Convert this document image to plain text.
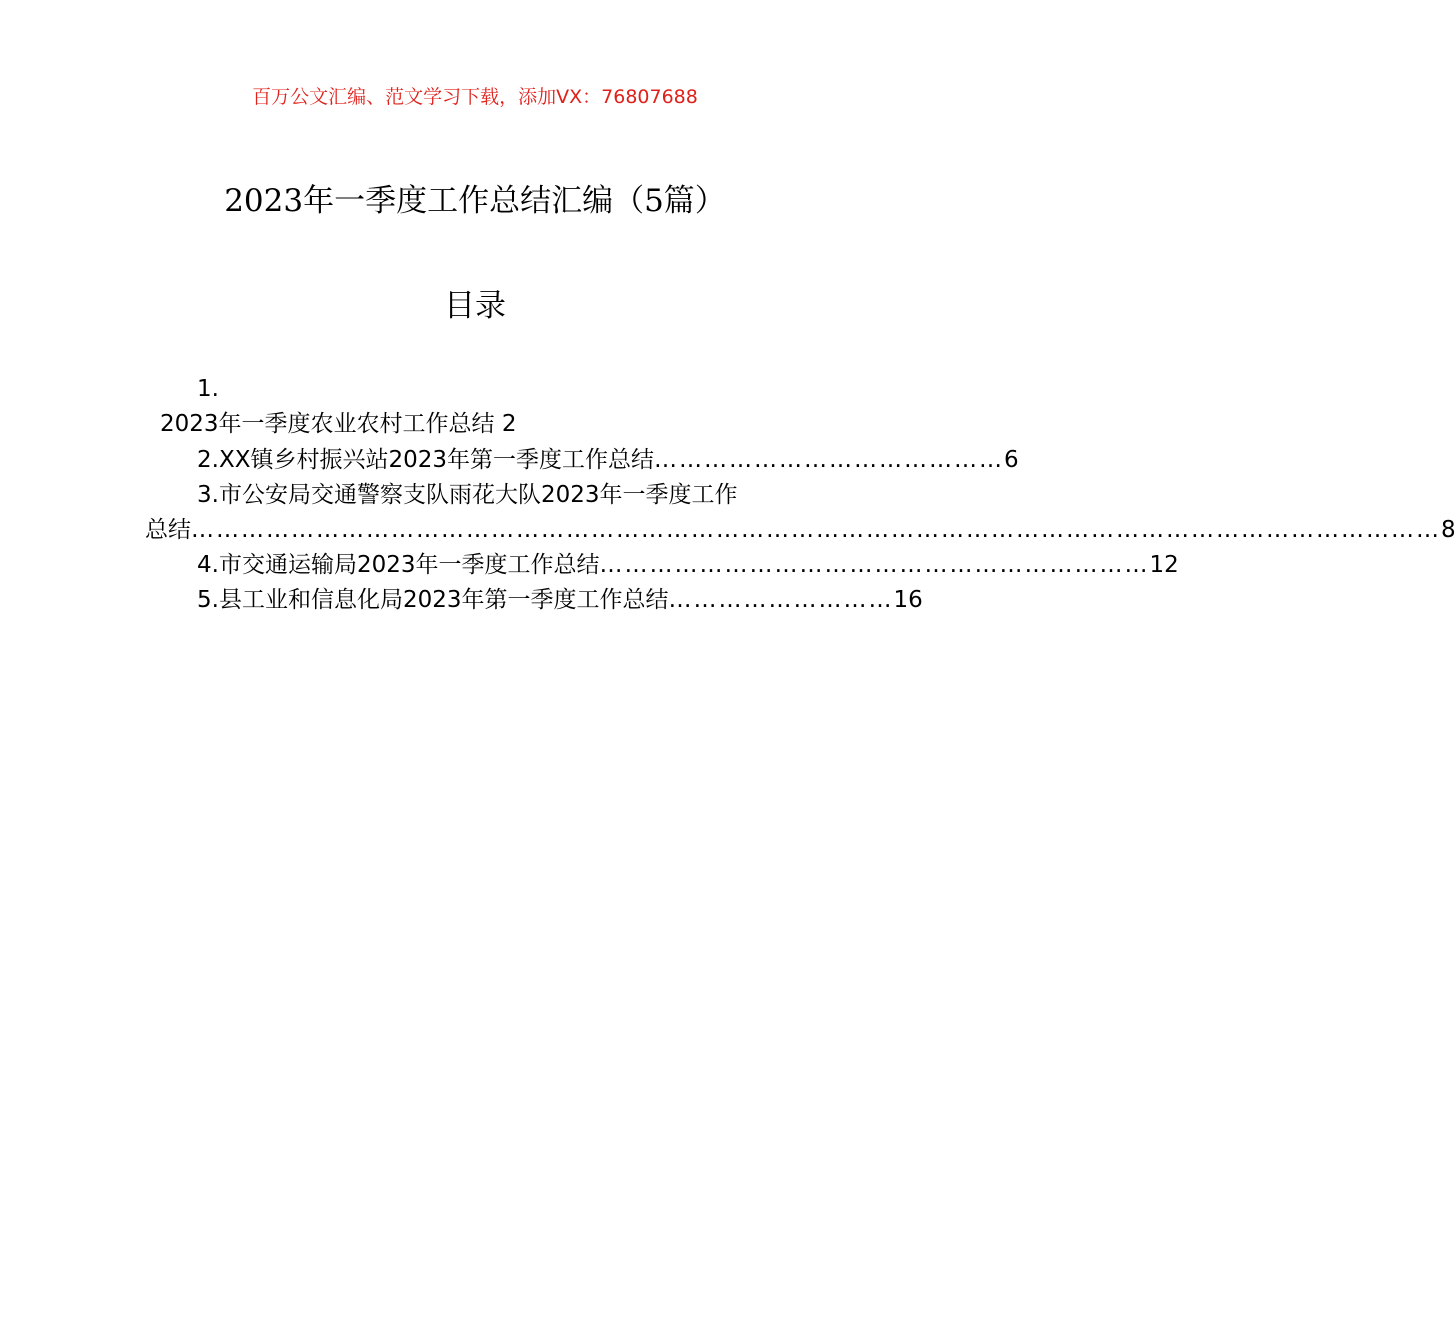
百万公文汇编、范文学习下载，添加VX：76807688
2023年一季度工作总结汇编（5篇）
目录
1.
2023年一季度农业农村工作总结 2
2.XX镇乡村振兴站2023年第一季度工作总结 …………………………………… 6
3.市公安局交通警察支队雨花大队2023年一季度工作
总结 …………………………………………………………………………………………………………………………………… 8
4.市交通运输局2023年一季度工作总结 ………………………………………………………… 12
5.县工业和信息化局2023年第一季度工作总结 ……………………… 16
